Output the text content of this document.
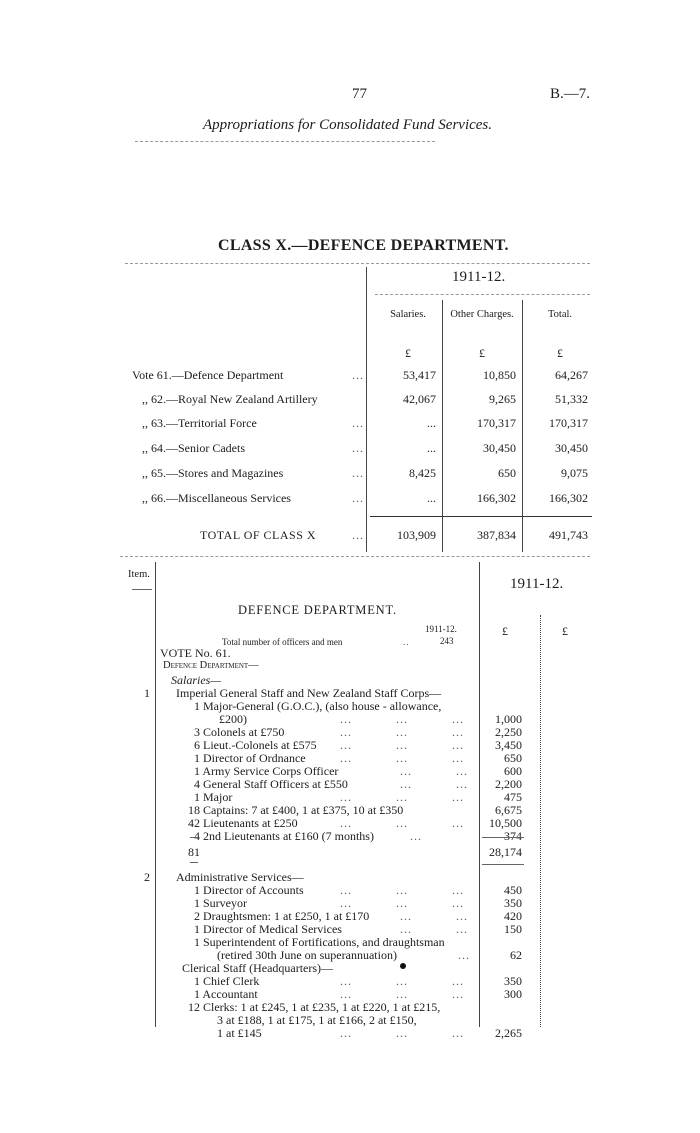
77	B.—7.
Appropriations for Consolidated Fund Services.
CLASS X.—DEFENCE DEPARTMENT.
1911-12.
Salaries.	Other Charges.	Total.
£	£	£
Vote 61.—Defence Department	...	53,417	10,850	64,267
,, 62.—Royal New Zealand Artillery	42,067	9,265	51,332
,, 63.—Territorial Force	...	...	170,317	170,317
,, 64.—Senior Cadets	...	...	30,450	30,450
,, 65.—Stores and Magazines	...	8,425	650	9,075
,, 66.—Miscellaneous Services	...	...	166,302	166,302
TOTAL OF CLASS X	...	103,909	387,834	491,743
Item.
1911-12.
DEFENCE DEPARTMENT.
1911-12.
Total number of officers and men	..	243
£	£
VOTE No. 61.
Defence Department—
Salaries—
1 Imperial General Staff and New Zealand Staff Corps—
1 Major-General (G.O.C.), (also house - allowance,
£200)	...           ...           ...	1,000
3 Colonels at £750	...           ...           ...	2,250
6 Lieut.-Colonels at £575 ...           ...           ...	3,450
1 Director of Ordnance	...           ...           ...	650
1 Army Service Corps Officer	...           ...	600
4 General Staff Officers at £550	...           ...	2,200
1 Major	...           ...           ...	475
18 Captains: 7 at £400, 1 at £375, 10 at £350	6,675
42 Lieutenants at £250	...           ...           ...	10,500
4 2nd Lieutenants at £160 (7 months)	...	374
81	28,174
2 Administrative Services—
1 Director of Accounts	...           ...           ...	450
1 Surveyor	...           ...           ...	350
2 Draughtsmen: 1 at £250, 1 at £170	...           ...	420
1 Director of Medical Services	...           ...	150
1 Superintendent of Fortifications, and draughtsman
(retired 30th June on superannuation)	...	62
Clerical Staff (Headquarters)—
1 Chief Clerk	...           ...           ...	350
1 Accountant	...           ...           ...	300
12 Clerks: 1 at £245, 1 at £235, 1 at £220, 1 at £215,
3 at £188, 1 at £175, 1 at £166, 2 at £150,
1 at £145	...           ...           ...	2,265
